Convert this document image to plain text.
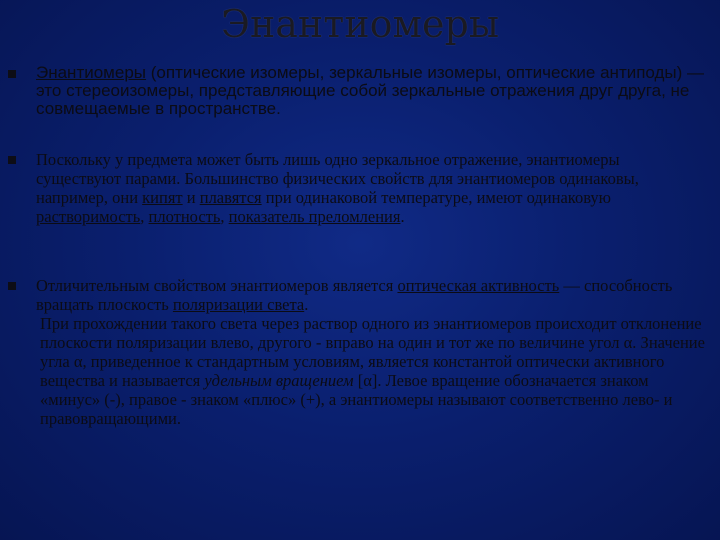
Энантиомеры
Энантиомеры (оптические изомеры, зеркальные изомеры, оптические антиподы) — это стереоизомеры, представляющие собой зеркальные отражения друг друга, не совмещаемые в пространстве.
Поскольку у предмета может быть лишь одно зеркальное отражение, энантиомеры существуют парами. Большинство физических свойств для энантиомеров одинаковы, например, они кипят и плавятся при одинаковой температуре, имеют одинаковую растворимость, плотность, показатель преломления.
Отличительным свойством энантиомеров является оптическая активность — способность вращать плоскость поляризации света.
При прохождении такого света через раствор одного из энантиомеров происходит отклонение плоскости поляризации влево, другого - вправо на один и тот же по величине угол α. Значение угла α, приведенное к стандартным условиям, является константой оптически активного вещества и называется удельным вращением [α]. Левое вращение обозначается знаком «минус» (-), правое - знаком «плюс» (+), а энантиомеры называют соответственно лево- и правовращающими.
